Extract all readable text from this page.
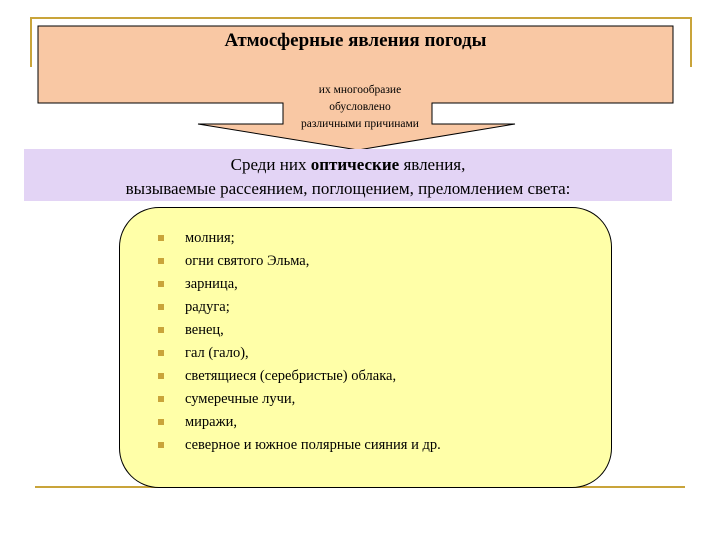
Атмосферные явления погоды
их многообразие
обусловлено
различными причинами
Среди них оптические явления,
вызываемые рассеянием, поглощением, преломлением света:
молния;
огни святого Эльма,
зарница,
радуга;
венец,
гал (гало),
светящиеся (серебристые) облака,
сумеречные лучи,
миражи,
северное и южное полярные сияния и др.
